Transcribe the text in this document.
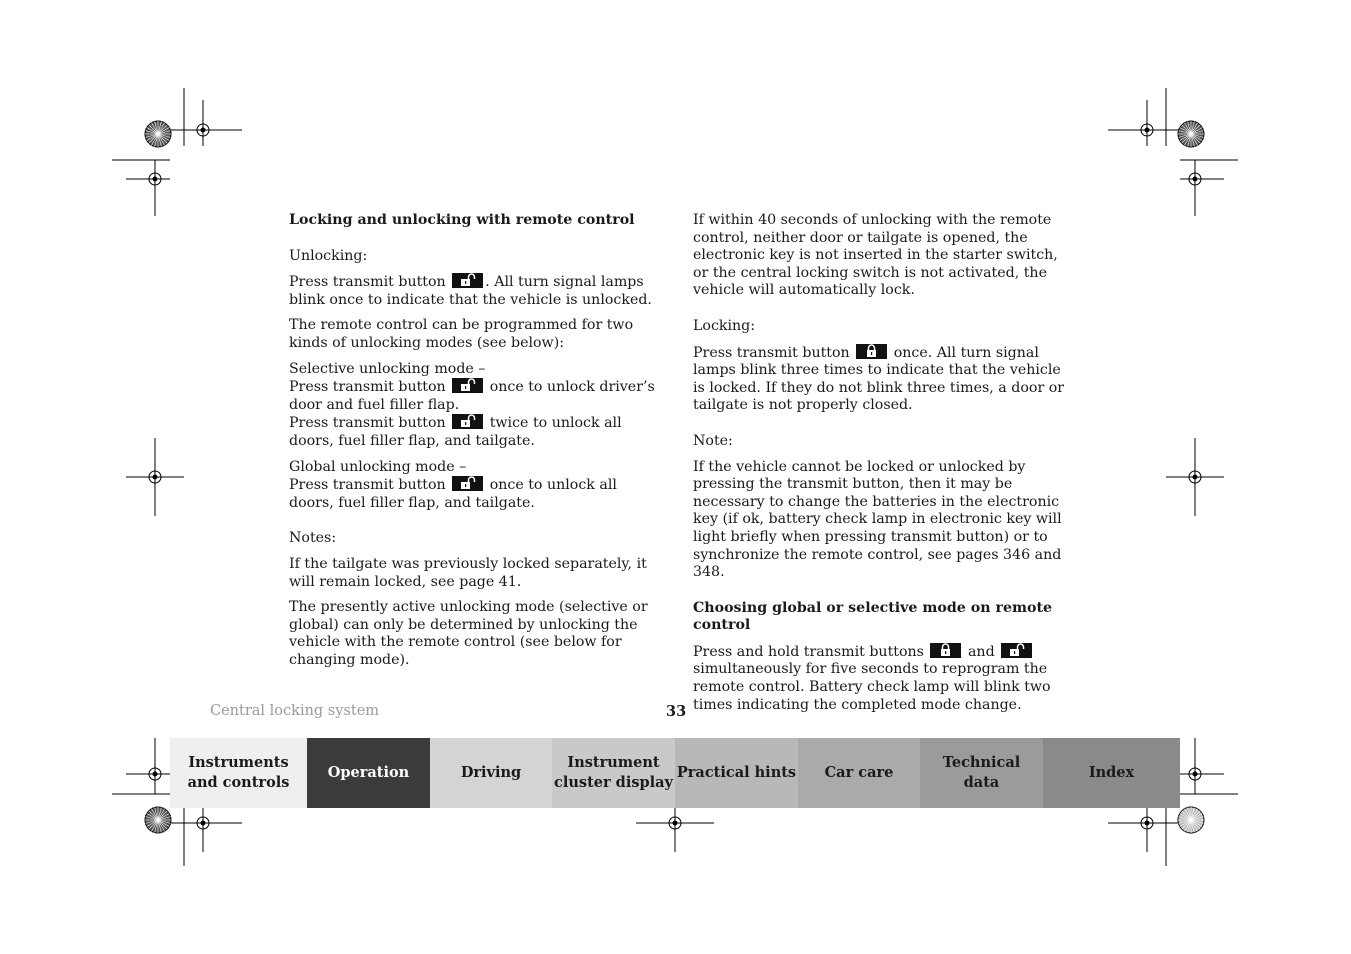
Locking and unlocking with remote control

Unlocking:

Press transmit button	. All turn signal lamps blink once to indicate that the vehicle is unlocked.

The remote control can be programmed for two kinds of unlocking modes (see below):

Selective unlocking mode –
Press transmit button	once to unlock driver’s door and fuel filler flap.
Press transmit button	twice to unlock all doors, fuel filler flap, and tailgate.

Global unlocking mode –
Press transmit button	once to unlock all doors, fuel filler flap, and tailgate.

Notes:

If the tailgate was previously locked separately, it will remain locked, see page 41.

The presently active unlocking mode (selective or global) can only be determined by unlocking the vehicle with the remote control (see below for changing mode).

If within 40 seconds of unlocking with the remote control, neither door or tailgate is opened, the electronic key is not inserted in the starter switch, or the central locking switch is not activated, the vehicle will automatically lock.

Locking:

Press transmit button	once. All turn signal lamps blink three times to indicate that the vehicle is locked. If they do not blink three times, a door or tailgate is not properly closed.

Note:

If the vehicle cannot be locked or unlocked by pressing the transmit button, then it may be necessary to change the batteries in the electronic key (if ok, battery check lamp in electronic key will light briefly when pressing transmit button) or to synchronize the remote control, see pages 346 and 348.

Choosing global or selective mode on remote control

Press and hold transmit buttons	and

simultaneously for five seconds to reprogram the remote control. Battery check lamp will blink two times indicating the completed mode change.

Central locking system	33
Instruments
and controls
Operation	Driving
Instrument
cluster display
Practical hints Car care
Technical
data
Index
